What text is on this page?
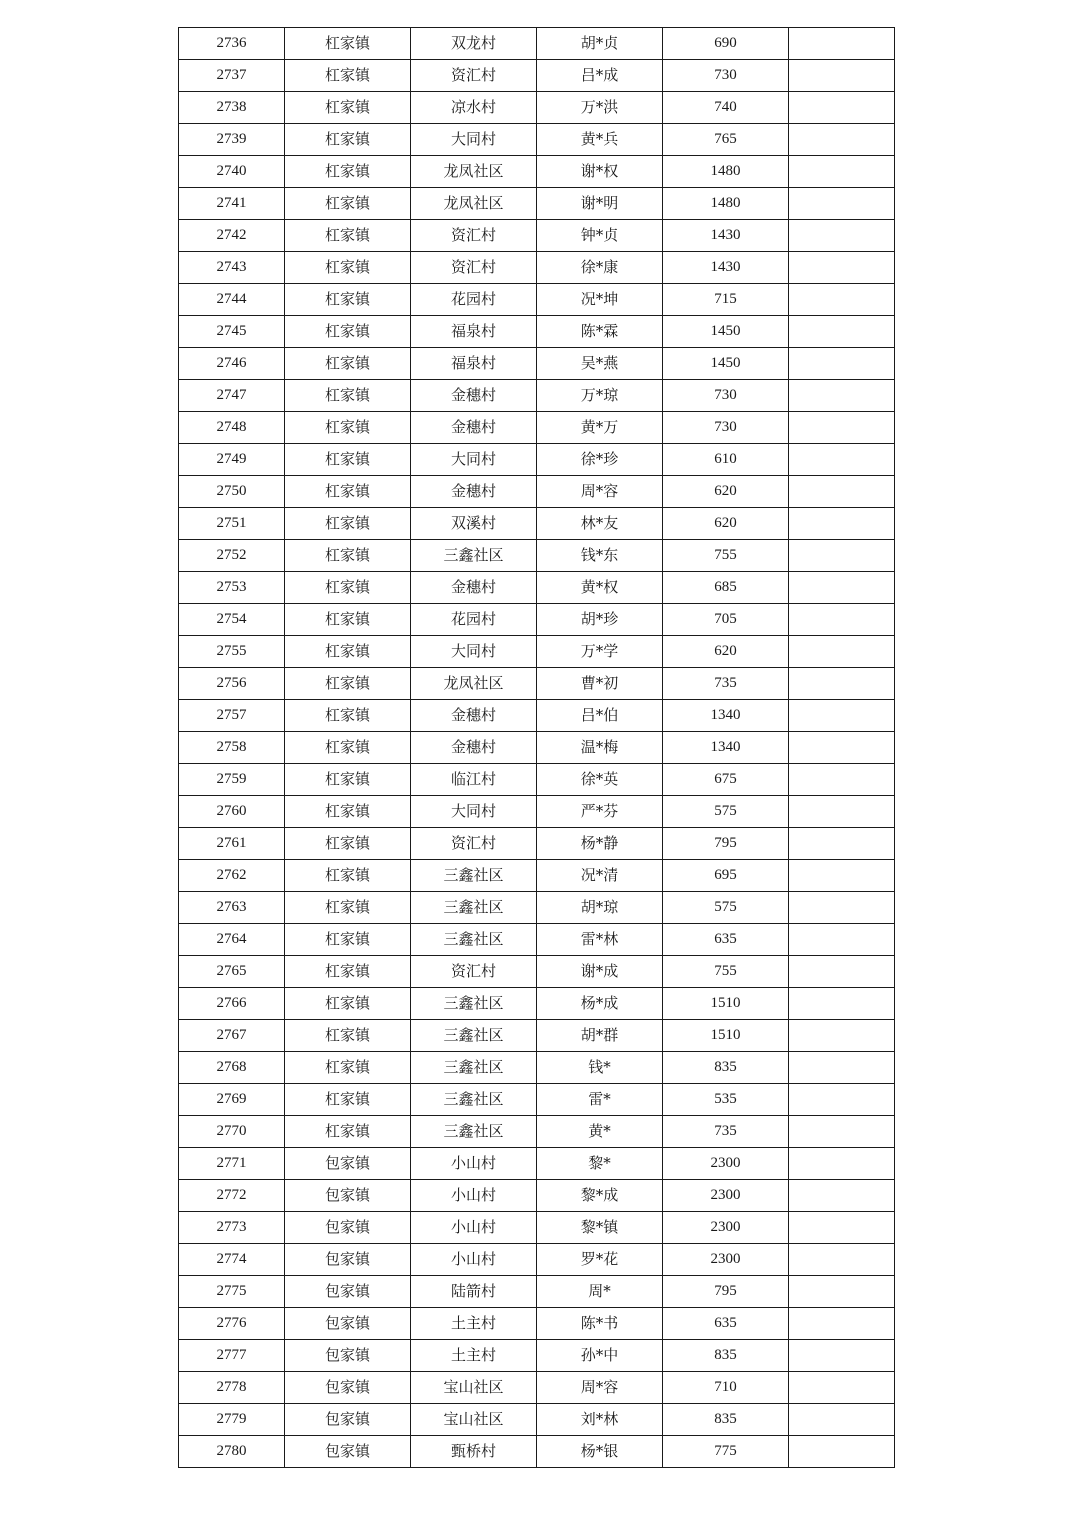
2736	杠家镇	双龙村	胡*贞	690	
2737	杠家镇	资汇村	吕*成	730	
2738	杠家镇	凉水村	万*洪	740	
2739	杠家镇	大同村	黄*兵	765	
2740	杠家镇	龙凤社区	谢*权	1480	
2741	杠家镇	龙凤社区	谢*明	1480	
2742	杠家镇	资汇村	钟*贞	1430	
2743	杠家镇	资汇村	徐*康	1430	
2744	杠家镇	花园村	况*坤	715	
2745	杠家镇	福泉村	陈*霖	1450	
2746	杠家镇	福泉村	吴*燕	1450	
2747	杠家镇	金穗村	万*琼	730	
2748	杠家镇	金穗村	黄*万	730	
2749	杠家镇	大同村	徐*珍	610	
2750	杠家镇	金穗村	周*容	620	
2751	杠家镇	双溪村	林*友	620	
2752	杠家镇	三鑫社区	钱*东	755	
2753	杠家镇	金穗村	黄*权	685	
2754	杠家镇	花园村	胡*珍	705	
2755	杠家镇	大同村	万*学	620	
2756	杠家镇	龙凤社区	曹*初	735	
2757	杠家镇	金穗村	吕*伯	1340	
2758	杠家镇	金穗村	温*梅	1340	
2759	杠家镇	临江村	徐*英	675	
2760	杠家镇	大同村	严*芬	575	
2761	杠家镇	资汇村	杨*静	795	
2762	杠家镇	三鑫社区	况*清	695	
2763	杠家镇	三鑫社区	胡*琼	575	
2764	杠家镇	三鑫社区	雷*林	635	
2765	杠家镇	资汇村	谢*成	755	
2766	杠家镇	三鑫社区	杨*成	1510	
2767	杠家镇	三鑫社区	胡*群	1510	
2768	杠家镇	三鑫社区	钱*	835	
2769	杠家镇	三鑫社区	雷*	535	
2770	杠家镇	三鑫社区	黄*	735	
2771	包家镇	小山村	黎*	2300	
2772	包家镇	小山村	黎*成	2300	
2773	包家镇	小山村	黎*镇	2300	
2774	包家镇	小山村	罗*花	2300	
2775	包家镇	陆箭村	周*	795	
2776	包家镇	土主村	陈*书	635	
2777	包家镇	土主村	孙*中	835	
2778	包家镇	宝山社区	周*容	710	
2779	包家镇	宝山社区	刘*林	835	
2780	包家镇	甄桥村	杨*银	775	
